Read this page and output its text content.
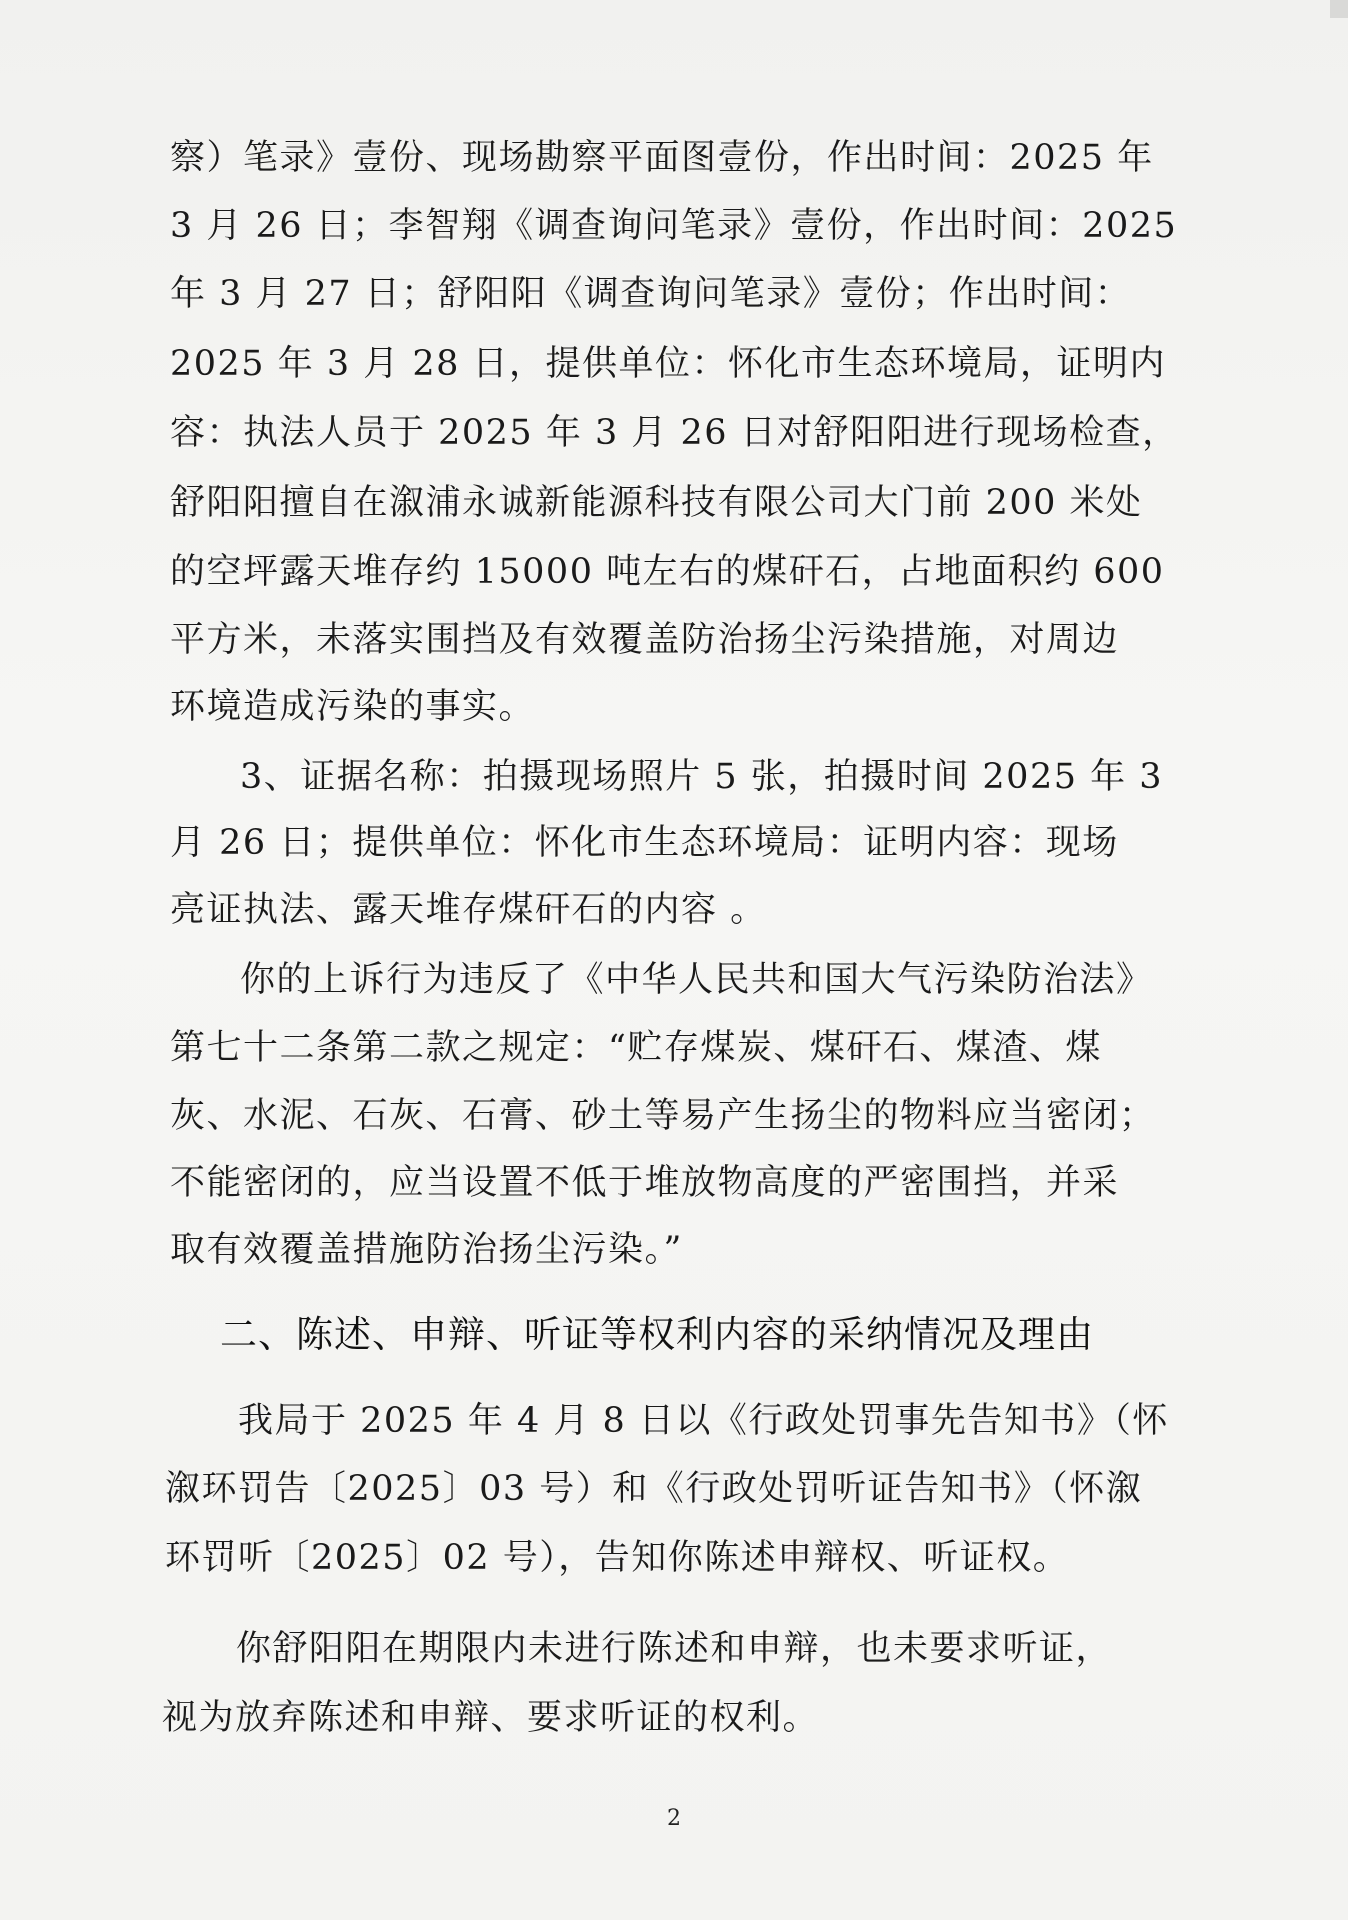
察）笔录》壹份、现场勘察平面图壹份，作出时间：2025 年
3 月 26 日；李智翔《调查询问笔录》壹份，作出时间：2025
年 3 月 27 日；舒阳阳《调查询问笔录》壹份；作出时间：
2025 年 3 月 28 日，提供单位：怀化市生态环境局，证明内
容：执法人员于 2025 年 3 月 26 日对舒阳阳进行现场检查，
舒阳阳擅自在溆浦永诚新能源科技有限公司大门前 200 米处
的空坪露天堆存约 15000 吨左右的煤矸石，占地面积约 600
平方米，未落实围挡及有效覆盖防治扬尘污染措施，对周边
环境造成污染的事实。
3、证据名称：拍摄现场照片 5 张，拍摄时间 2025 年 3
月 26 日；提供单位：怀化市生态环境局：证明内容：现场
亮证执法、露天堆存煤矸石的内容 。
你的上诉行为违反了《中华人民共和国大气污染防治法》
第七十二条第二款之规定：“贮存煤炭、煤矸石、煤渣、煤
灰、水泥、石灰、石膏、砂土等易产生扬尘的物料应当密闭；
不能密闭的，应当设置不低于堆放物高度的严密围挡，并采
取有效覆盖措施防治扬尘污染。”
二、陈述、申辩、听证等权利内容的采纳情况及理由
我局于 2025 年 4 月 8 日以《行政处罚事先告知书》（怀
溆环罚告〔2025〕03 号）和《行政处罚听证告知书》（怀溆
环罚听〔2025〕02 号），告知你陈述申辩权、听证权。
你舒阳阳在期限内未进行陈述和申辩，也未要求听证，
视为放弃陈述和申辩、要求听证的权利。
2
